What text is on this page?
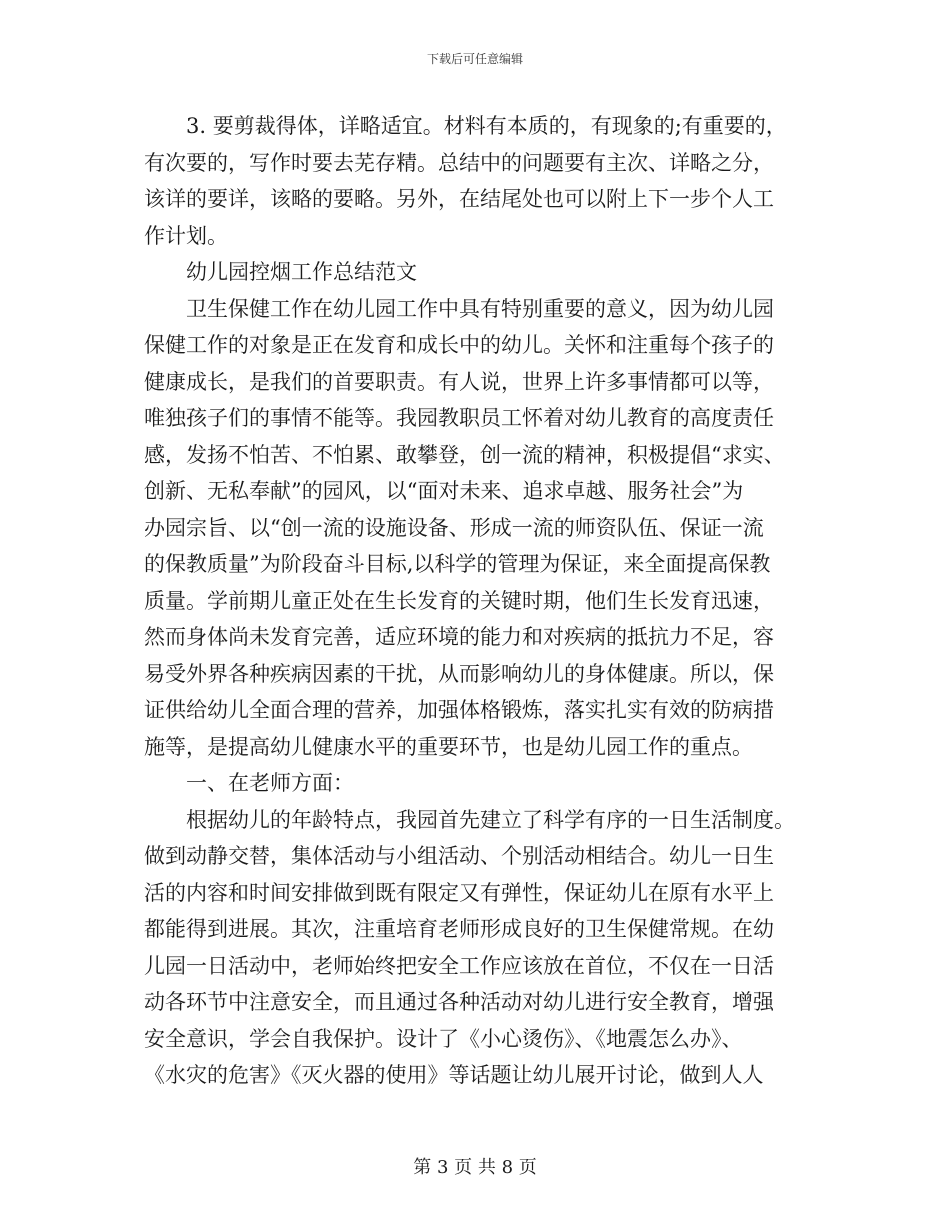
下载后可任意编辑
3. 要剪裁得体，详略适宜。材料有本质的，有现象的;有重要的，
有次要的，写作时要去芜存精。总结中的问题要有主次、详略之分，
该详的要详，该略的要略。另外，在结尾处也可以附上下一步个人工
作计划。
幼儿园控烟工作总结范文
卫生保健工作在幼儿园工作中具有特别重要的意义，因为幼儿园
保健工作的对象是正在发育和成长中的幼儿。关怀和注重每个孩子的
健康成长，是我们的首要职责。有人说，世界上许多事情都可以等，
唯独孩子们的事情不能等。我园教职员工怀着对幼儿教育的高度责任
感，发扬不怕苦、不怕累、敢攀登，创一流的精神，积极提倡“求实、
创新、无私奉献”的园风，以“面对未来、追求卓越、服务社会”为
办园宗旨、以“创一流的设施设备、形成一流的师资队伍、保证一流
的保教质量”为阶段奋斗目标,以科学的管理为保证，来全面提高保教
质量。学前期儿童正处在生长发育的关键时期，他们生长发育迅速，
然而身体尚未发育完善，适应环境的能力和对疾病的抵抗力不足，容
易受外界各种疾病因素的干扰，从而影响幼儿的身体健康。所以，保
证供给幼儿全面合理的营养，加强体格锻炼，落实扎实有效的防病措
施等，是提高幼儿健康水平的重要环节，也是幼儿园工作的重点。
一、在老师方面：
根据幼儿的年龄特点，我园首先建立了科学有序的一日生活制度。
做到动静交替，集体活动与小组活动、个别活动相结合。幼儿一日生
活的内容和时间安排做到既有限定又有弹性，保证幼儿在原有水平上
都能得到进展。其次，注重培育老师形成良好的卫生保健常规。在幼
儿园一日活动中，老师始终把安全工作应该放在首位，不仅在一日活
动各环节中注意安全，而且通过各种活动对幼儿进行安全教育，增强
安全意识，学会自我保护。设计了《小心烫伤》、《地震怎么办》、
《水灾的危害》《灭火器的使用》等话题让幼儿展开讨论，做到人人
第 3 页 共 8 页
